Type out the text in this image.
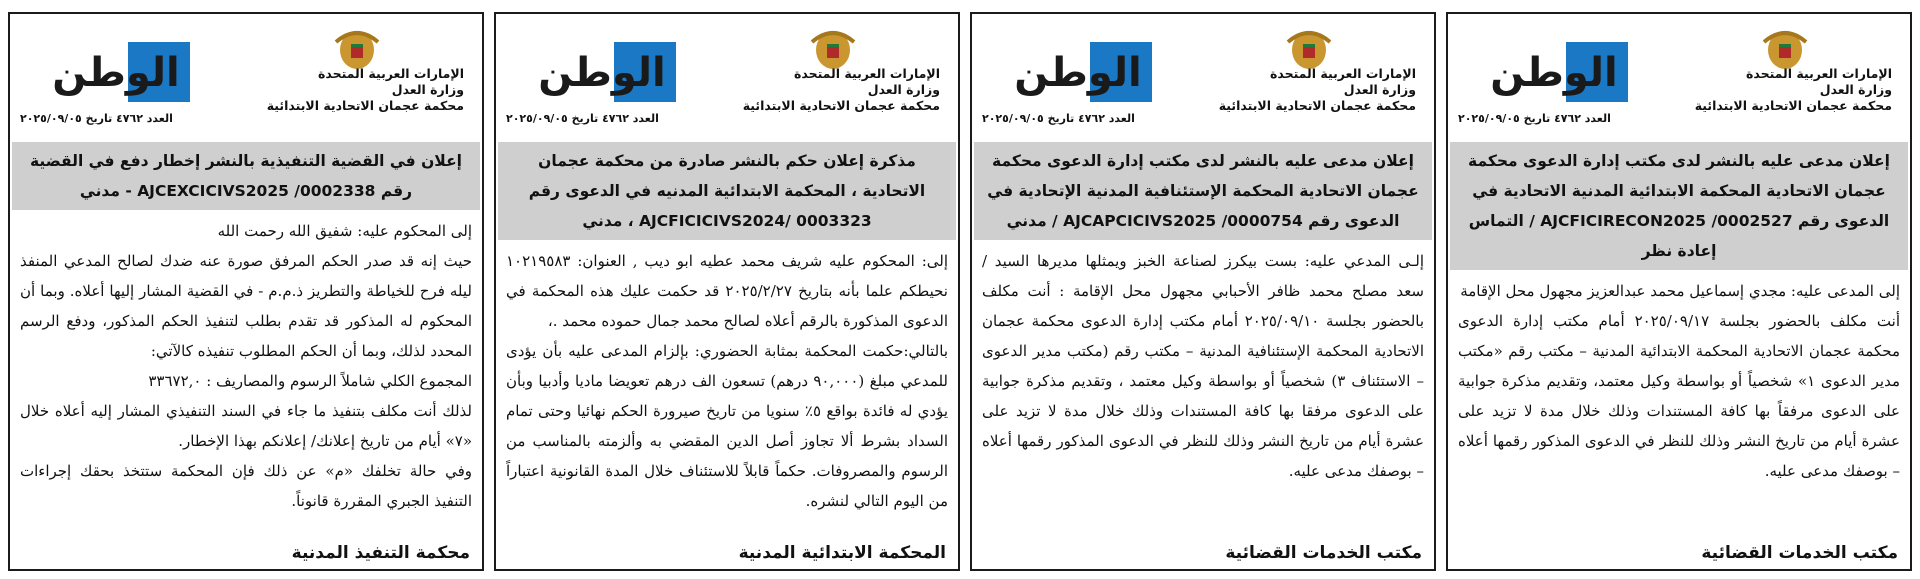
الإمارات العربية المتحدة
وزارة العدل
محكمة عجمان الاتحادية الابتدائية
الوطن
العدد ٤٧٦٢ تاريخ ٢٠٢٥/٠٩/٠٥
إعلان مدعى عليه بالنشر لدى مكتب إدارة الدعوى محكمة عجمان الاتحادية المحكمة الابتدائية المدنية الاتحادية في الدعوى رقم AJCFICIRECON2025 /0002527 / التماس إعادة نظر

إلى المدعى عليه: مجدي إسماعيل محمد عبدالعزيز مجهول محل الإقامة

أنت مكلف بالحضور بجلسة ٢٠٢٥/٠٩/١٧ أمام مكتب إدارة الدعوى محكمة عجمان الاتحادية المحكمة الابتدائية المدنية – مكتب رقم «مكتب مدير الدعوى ١» شخصياً أو بواسطة وكيل معتمد، وتقديم مذكرة جوابية على الدعوى مرفقاً بها كافة المستندات وذلك خلال مدة لا تزيد على عشرة أيام من تاريخ النشر وذلك للنظر في الدعوى المذكور رقمها أعلاه – بوصفك مدعى عليه.

مكتب الخدمات القضائية
الإمارات العربية المتحدة
وزارة العدل
محكمة عجمان الاتحادية الابتدائية
الوطن
العدد ٤٧٦٢ تاريخ ٢٠٢٥/٠٩/٠٥
إعلان مدعى عليه بالنشر لدى مكتب إدارة الدعوى محكمة عجمان الاتحادية المحكمة الإستئنافية المدنية الإتحادية في الدعوى رقم AJCAPCICIVS2025 /0000754 / مدني

إلـى المدعي عليه: بست بيكرز لصناعة الخبز ويمثلها مديرها السيد / سعد مصلح محمد ظافر الأحبابي مجهول محل الإقامة : أنت مكلف بالحضور بجلسة ٢٠٢٥/٠٩/١٠ أمام مكتب إدارة الدعوى محكمة عجمان الاتحادية المحكمة الإستئنافية المدنية – مكتب رقم (مكتب مدير الدعوى – الاستئناف ٣) شخصياً أو بواسطة وكيل معتمد ، وتقديم مذكرة جوابية على الدعوى مرفقا بها كافة المستندات وذلك خلال مدة لا تزيد على عشرة أيام من تاريخ النشر وذلك للنظر في الدعوى المذكور رقمها أعلاه – بوصفك مدعى عليه.

مكتب الخدمات القضائية
الإمارات العربية المتحدة
وزارة العدل
محكمة عجمان الاتحادية الابتدائية
الوطن
العدد ٤٧٦٢ تاريخ ٢٠٢٥/٠٩/٠٥
مذكرة إعلان حكم بالنشر صادرة من محكمة عجمان الاتحادية ، المحكمة الابتدائية المدنيه في الدعوى رقم AJCFICICIVS2024/ 0003323 ، مدني

إلى: المحكوم عليه شريف محمد عطيه ابو ديب , العنوان: ١٠٢١٩٥٨٣ نحيطكم علما بأنه بتاريخ ٢٠٢٥/٢/٢٧ قد حكمت عليك هذه المحكمة في الدعوى المذكورة بالرقم أعلاه لصالح محمد جمال حموده محمد .،

بالتالي:حكمت المحكمة بمثابة الحضوري: بإلزام المدعى عليه بأن يؤدى للمدعي مبلغ (٩٠,٠٠٠ درهم) تسعون الف درهم تعويضا ماديا وأدبيا وبأن يؤدي له فائدة بواقع ٥٪ سنويا من تاريخ صيرورة الحكم نهائيا وحتى تمام السداد بشرط ألا تجاوز أصل الدين المقضي به وألزمته بالمناسب من الرسوم والمصروفات. حكماً قابلاً للاستئناف خلال المدة القانونية اعتباراً من اليوم التالي لنشره.

المحكمة الابتدائية المدنية
الإمارات العربية المتحدة
وزارة العدل
محكمة عجمان الاتحادية الابتدائية
الوطن
العدد ٤٧٦٢ تاريخ ٢٠٢٥/٠٩/٠٥
إعلان في القضية التنفيذية بالنشر إخطار دفع في القضية رقم AJCEXCICIVS2025 /0002338 - مدني

إلى المحكوم عليه: شفيق الله رحمت الله

حيث إنه قد صدر الحكم المرفق صورة عنه ضدك لصالح المدعي المنفذ ليله فرح للخياطة والتطريز ذ.م.م - في القضية المشار إليها أعلاه. وبما أن المحكوم له المذكور قد تقدم بطلب لتنفيذ الحكم المذكور، ودفع الرسم المحدد لذلك، وبما أن الحكم المطلوب تنفيذه كالآتي:

المجموع الكلي شاملاً الرسوم والمصاريف : ٣٣٦٧٢,٠

لذلك أنت مكلف بتنفيذ ما جاء في السند التنفيذي المشار إليه أعلاه خلال «٧» أيام من تاريخ إعلانك/ إعلانكم بهذا الإخطار.

وفي حالة تخلفك «م» عن ذلك فإن المحكمة ستتخذ بحقك إجراءات التنفيذ الجبري المقررة قانوناً.

محكمة التنفيذ المدنية
